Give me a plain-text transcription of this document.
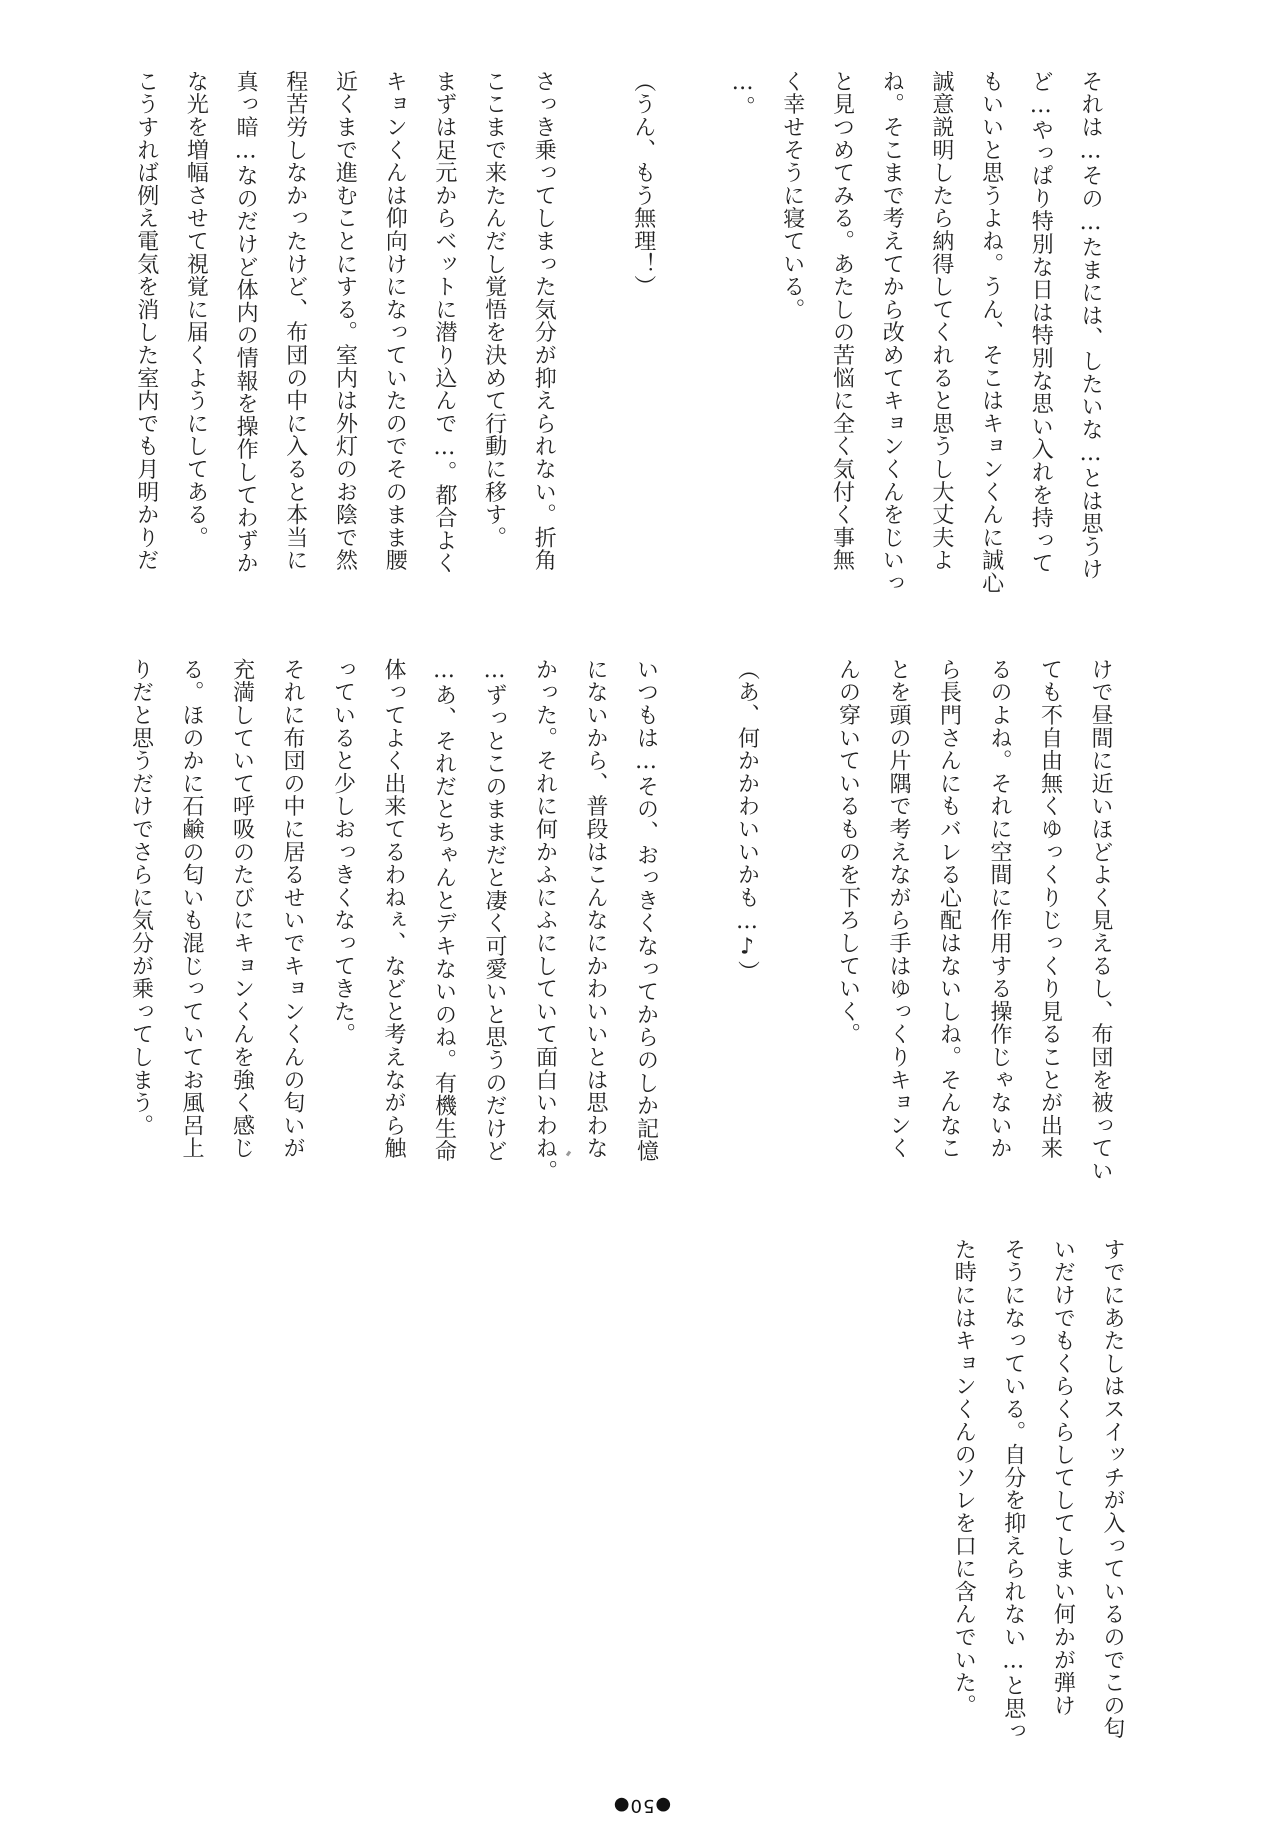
それは…その…たまには、したいな…とは思うけ
ど…やっぱり特別な日は特別な思い入れを持って
もいいと思うよね。うん、そこはキョンくんに誠心
誠意説明したら納得してくれると思うし大丈夫よ
ね。そこまで考えてから改めてキョンくんをじいっ
と見つめてみる。あたしの苦悩に全く気付く事無
く幸せそうに寝ている。
…。
（うん、もう無理！）
さっき乗ってしまった気分が抑えられない。折角
ここまで来たんだし覚悟を決めて行動に移す。
まずは足元からベットに潜り込んで…。都合よく
キョンくんは仰向けになっていたのでそのまま腰
近くまで進むことにする。室内は外灯のお陰で然
程苦労しなかったけど、布団の中に入ると本当に
真っ暗…なのだけど体内の情報を操作してわずか
な光を増幅させて視覚に届くようにしてある。
こうすれば例え電気を消した室内でも月明かりだ
けで昼間に近いほどよく見えるし、布団を被ってい
ても不自由無くゆっくりじっくり見ることが出来
るのよね。それに空間に作用する操作じゃないか
ら長門さんにもバレる心配はないしね。そんなこ
とを頭の片隅で考えながら手はゆっくりキョンく
んの穿いているものを下ろしていく。
（あ、何かかわいいかも…♪）
いつもは…その、おっきくなってからのしか記憶
にないから、普段はこんなにかわいいとは思わな
かった。それに何かふにふにしていて面白いわね。
…ずっとこのままだと凄く可愛いと思うのだけど
…あ、それだとちゃんとデキないのね。有機生命
体ってよく出来てるわねぇ、などと考えながら触
っていると少しおっきくなってきた。
それに布団の中に居るせいでキョンくんの匂いが
充満していて呼吸のたびにキョンくんを強く感じ
る。ほのかに石鹸の匂いも混じっていてお風呂上
りだと思うだけでさらに気分が乗ってしまう。
すでにあたしはスイッチが入っているのでこの匂
いだけでもくらくらしてしてしまい何かが弾け
そうになっている。自分を抑えられない…と思っ
た時にはキョンくんのソレを口に含んでいた。
●50●
